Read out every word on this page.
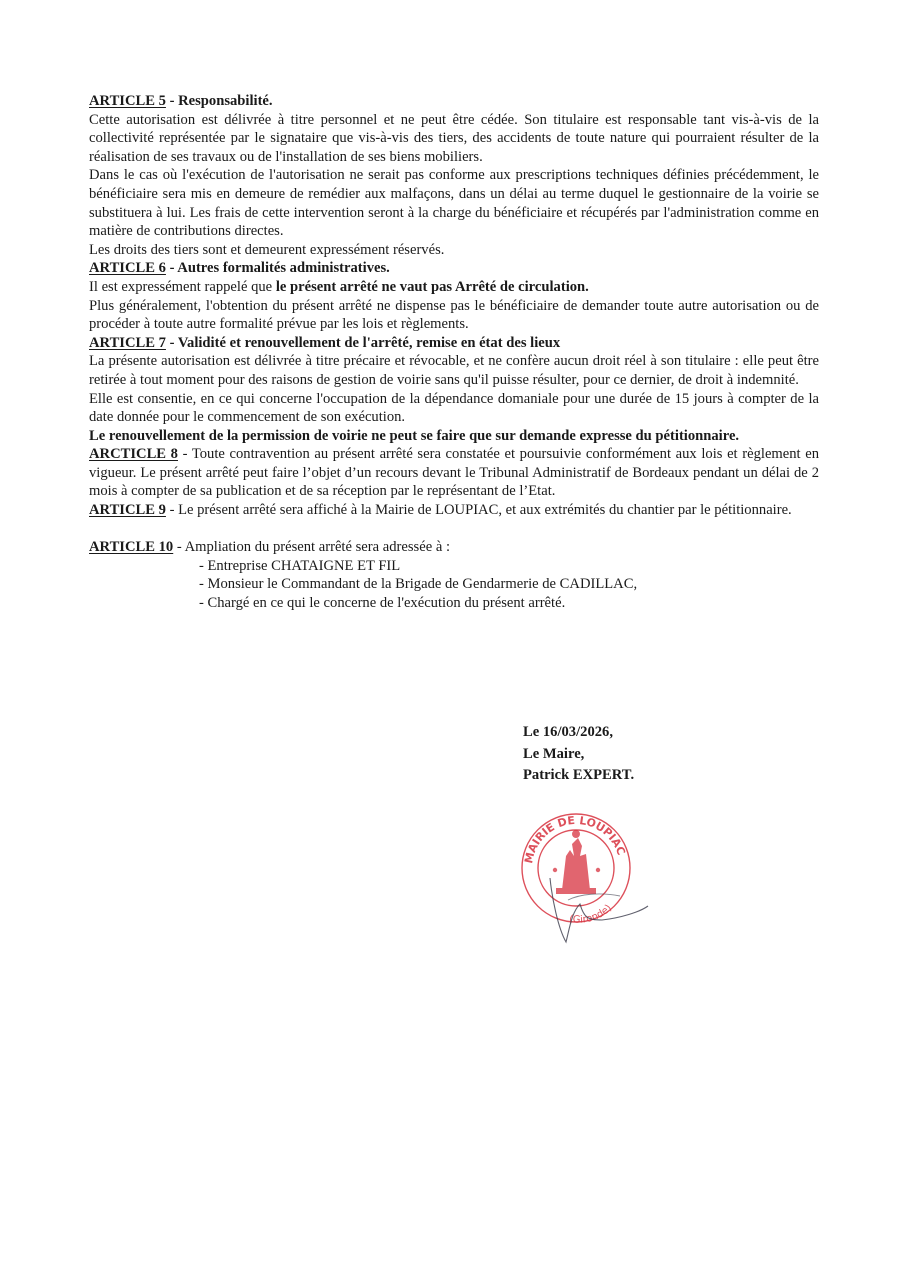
ARTICLE 5 - Responsabilité.

Cette autorisation est délivrée à titre personnel et ne peut être cédée. Son titulaire est responsable tant vis-à-vis de la collectivité représentée par le signataire que vis-à-vis des tiers, des accidents de toute nature qui pourraient résulter de la réalisation de ses travaux ou de l'installation de ses biens mobiliers.

Dans le cas où l'exécution de l'autorisation ne serait pas conforme aux prescriptions techniques définies précédemment, le bénéficiaire sera mis en demeure de remédier aux malfaçons, dans un délai au terme duquel le gestionnaire de la voirie se substituera à lui. Les frais de cette intervention seront à la charge du bénéficiaire et récupérés par l'administration comme en matière de contributions directes.

Les droits des tiers sont et demeurent expressément réservés.

ARTICLE 6 - Autres formalités administratives.

Il est expressément rappelé que le présent arrêté ne vaut pas Arrêté de circulation.

Plus généralement, l'obtention du présent arrêté ne dispense pas le bénéficiaire de demander toute autre autorisation ou de procéder à toute autre formalité prévue par les lois et règlements.

ARTICLE 7 - Validité et renouvellement de l'arrêté, remise en état des lieux

La présente autorisation est délivrée à titre précaire et révocable, et ne confère aucun droit réel à son titulaire : elle peut être retirée à tout moment pour des raisons de gestion de voirie sans qu'il puisse résulter, pour ce dernier, de droit à indemnité.

Elle est consentie, en ce qui concerne l'occupation de la dépendance domaniale pour une durée de 15 jours à compter de la date donnée pour le commencement de son exécution.

Le renouvellement de la permission de voirie ne peut se faire que sur demande expresse du pétitionnaire.

ARCTICLE 8 - Toute contravention au présent arrêté sera constatée et poursuivie conformément aux lois et règlement en vigueur. Le présent arrêté peut faire l’objet d’un recours devant le Tribunal Administratif de Bordeaux pendant un délai de 2 mois à compter de sa publication et de sa réception par le représentant de l’Etat.

ARTICLE 9 - Le présent arrêté sera affiché à la Mairie de LOUPIAC, et aux extrémités du chantier par le pétitionnaire.

ARTICLE 10 - Ampliation du présent arrêté sera adressée à :

- Entreprise CHATAIGNE ET FIL

- Monsieur le Commandant de la Brigade de Gendarmerie de CADILLAC,

- Chargé en ce qui le concerne de l'exécution du présent arrêté.

Le 16/03/2026,
Le Maire,
Patrick EXPERT.
MAIRIE DE LOUPIAC
(Gironde)
